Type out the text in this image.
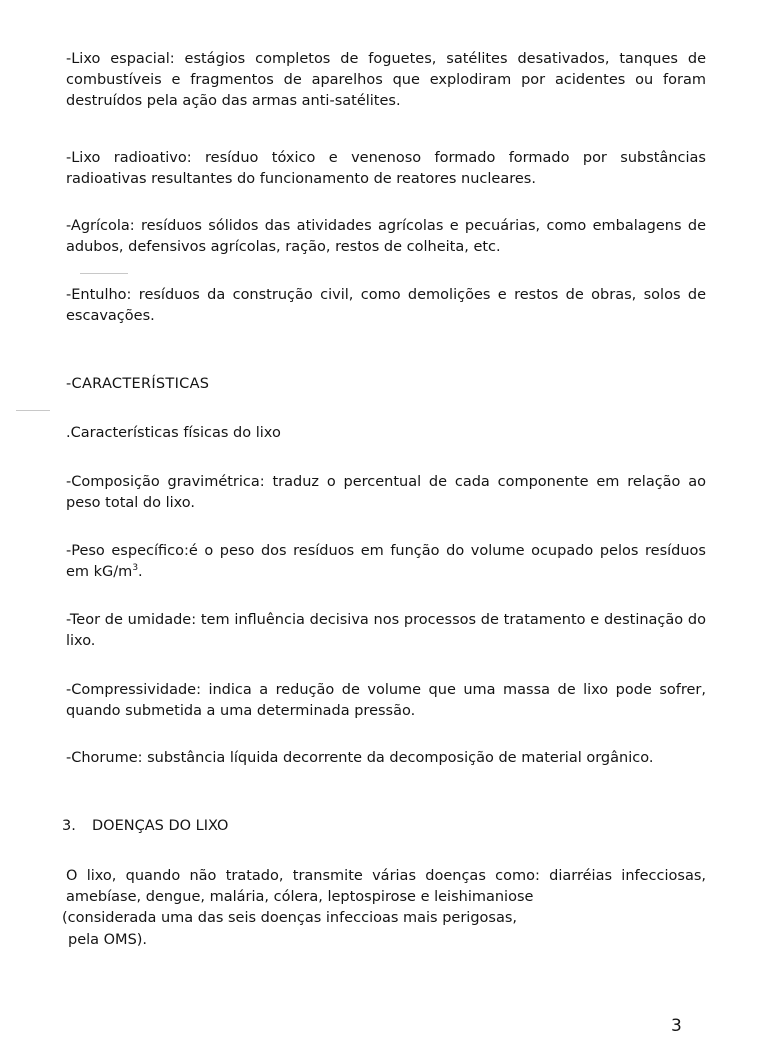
-Lixo espacial: estágios completos de foguetes, satélites desativados, tanques de combustíveis e fragmentos de aparelhos que explodiram por acidentes ou foram destruídos pela ação das armas anti-satélites.

-Lixo radioativo: resíduo tóxico e venenoso formado formado por substâncias radioativas resultantes do funcionamento de reatores nucleares.

-Agrícola: resíduos sólidos das atividades agrícolas e pecuárias, como embalagens de adubos, defensivos agrícolas, ração, restos de colheita, etc.

-Entulho: resíduos da construção civil, como demolições e restos de obras, solos de escavações.

-CARACTERÍSTICAS

.Características físicas do lixo

-Composição gravimétrica: traduz o percentual de cada componente em relação ao peso total do lixo.

-Peso específico:é o peso dos resíduos em função do volume ocupado pelos resíduos em $kG/m^3$.

-Teor de umidade: tem influência decisiva nos processos de tratamento e destinação do lixo.

-Compressividade: indica a redução de volume que uma massa de lixo pode sofrer, quando submetida a uma determinada pressão.

-Chorume: substância líquida decorrente da decomposição de material orgânico.

3. DOENÇAS DO LIXO

O lixo, quando não tratado, transmite várias doenças como: diarréias infecciosas, amebíase, dengue, malária, cólera, leptospirose e leishimaniose

(considerada uma das seis doenças infeccioas mais perigosas,

pela OMS).

3
